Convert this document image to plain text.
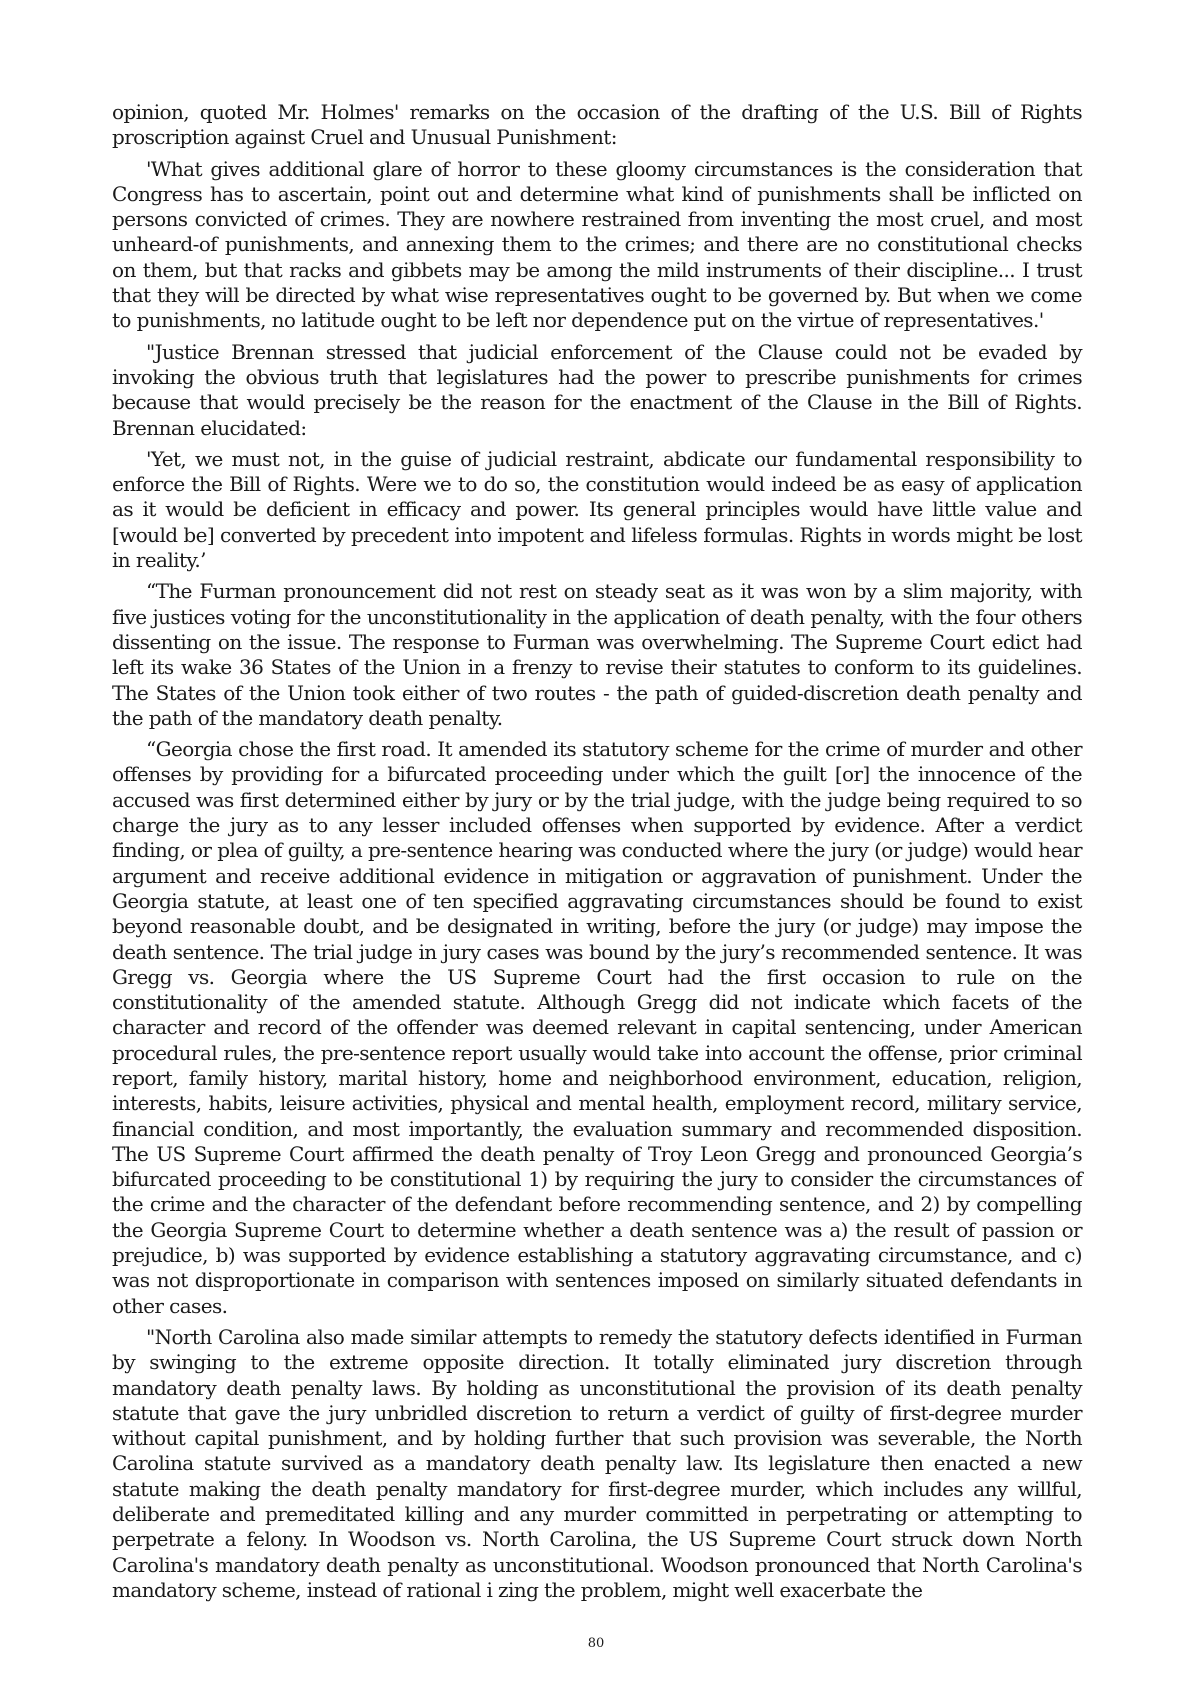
opinion, quoted Mr. Holmes' remarks on the occasion of the drafting of the U.S. Bill of Rights proscription against Cruel and Unusual Punishment:

'What gives additional glare of horror to these gloomy circumstances is the consideration that Congress has to ascertain, point out and determine what kind of punishments shall be inflicted on persons convicted of crimes. They are nowhere restrained from inventing the most cruel, and most unheard-of punishments, and annexing them to the crimes; and there are no constitutional checks on them, but that racks and gibbets may be among the mild instruments of their discipline... I trust that they will be directed by what wise representatives ought to be governed by. But when we come to punishments, no latitude ought to be left nor dependence put on the virtue of representatives.'

"Justice Brennan stressed that judicial enforcement of the Clause could not be evaded by invoking the obvious truth that legislatures had the power to prescribe punishments for crimes because that would precisely be the reason for the enactment of the Clause in the Bill of Rights. Brennan elucidated:

'Yet, we must not, in the guise of judicial restraint, abdicate our fundamental responsibility to enforce the Bill of Rights. Were we to do so, the constitution would indeed be as easy of application as it would be deficient in efficacy and power. Its general principles would have little value and [would be] converted by precedent into impotent and lifeless formulas. Rights in words might be lost in reality.’

“The Furman pronouncement did not rest on steady seat as it was won by a slim majority, with five justices voting for the unconstitutionality in the application of death penalty, with the four others dissenting on the issue. The response to Furman was overwhelming. The Supreme Court edict had left its wake 36 States of the Union in a frenzy to revise their statutes to conform to its guidelines. The States of the Union took either of two routes - the path of guided-discretion death penalty and the path of the mandatory death penalty.

“Georgia chose the first road. It amended its statutory scheme for the crime of murder and other offenses by providing for a bifurcated proceeding under which the guilt [or] the innocence of the accused was first determined either by jury or by the trial judge, with the judge being required to so charge the jury as to any lesser included offenses when supported by evidence. After a verdict finding, or plea of guilty, a pre-sentence hearing was conducted where the jury (or judge) would hear argument and receive additional evidence in mitigation or aggravation of punishment. Under the Georgia statute, at least one of ten specified aggravating circumstances should be found to exist beyond reasonable doubt, and be designated in writing, before the jury (or judge) may impose the death sentence. The trial judge in jury cases was bound by the jury’s recommended sentence. It was Gregg vs. Georgia where the US Supreme Court had the first occasion to rule on the constitutionality of the amended statute. Although Gregg did not indicate which facets of the character and record of the offender was deemed relevant in capital sentencing, under American procedural rules, the pre-sentence report usually would take into account the offense, prior criminal report, family history, marital history, home and neighborhood environment, education, religion, interests, habits, leisure activities, physical and mental health, employment record, military service, financial condition, and most importantly, the evaluation summary and recommended disposition. The US Supreme Court affirmed the death penalty of Troy Leon Gregg and pronounced Georgia’s bifurcated proceeding to be constitutional 1) by requiring the jury to consider the circumstances of the crime and the character of the defendant before recommending sentence, and 2) by compelling the Georgia Supreme Court to determine whether a death sentence was a) the result of passion or prejudice, b) was supported by evidence establishing a statutory aggravating circumstance, and c) was not disproportionate in comparison with sentences imposed on similarly situated defendants in other cases.

"North Carolina also made similar attempts to remedy the statutory defects identified in Furman by swinging to the extreme opposite direction. It totally eliminated jury discretion through mandatory death penalty laws. By holding as unconstitutional the provision of its death penalty statute that gave the jury unbridled discretion to return a verdict of guilty of first-degree murder without capital punishment, and by holding further that such provision was severable, the North Carolina statute survived as a mandatory death penalty law. Its legislature then enacted a new statute making the death penalty mandatory for first-degree murder, which includes any willful, deliberate and premeditated killing and any murder committed in perpetrating or attempting to perpetrate a felony. In Woodson vs. North Carolina, the US Supreme Court struck down North Carolina's mandatory death penalty as unconstitutional. Woodson pronounced that North Carolina's mandatory scheme, instead of rational i zing the problem, might well exacerbate the

80
